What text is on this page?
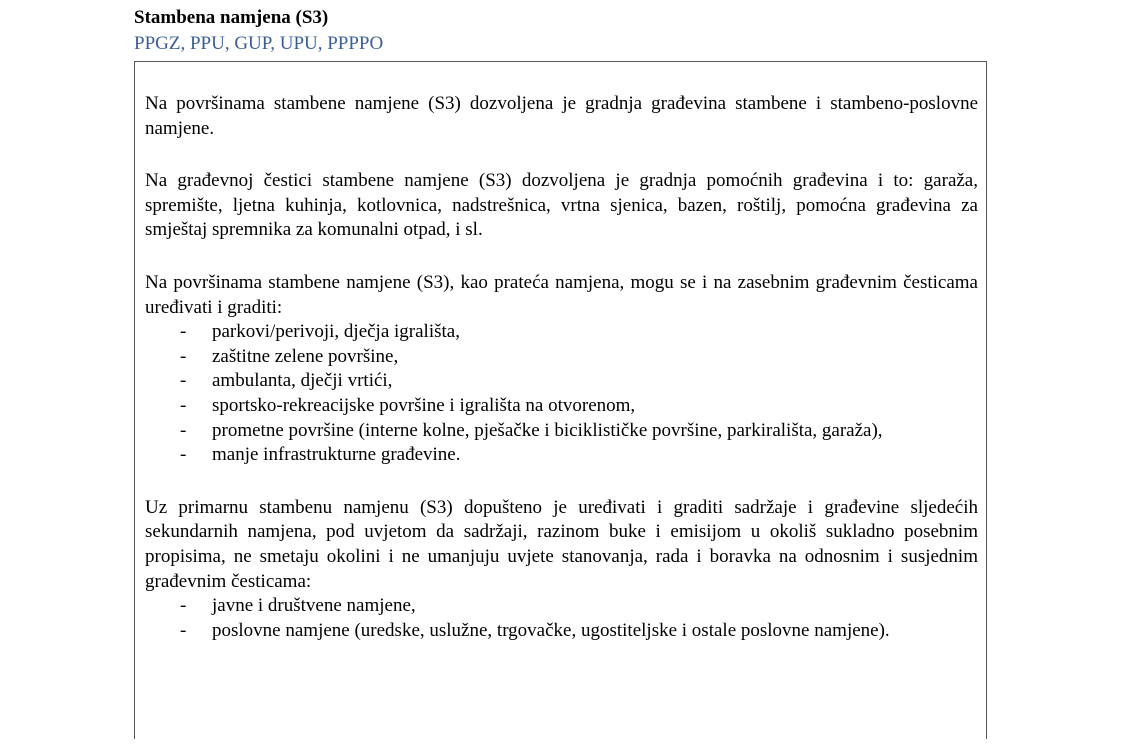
Stambena namjena (S3)
PPGZ, PPU, GUP, UPU, PPPPO

Na površinama stambene namjene (S3) dozvoljena je gradnja građevina stambene i stambeno-poslovne namjene.

Na građevnoj čestici stambene namjene (S3) dozvoljena je gradnja pomoćnih građevina i to: garaža, spremište, ljetna kuhinja, kotlovnica, nadstrešnica, vrtna sjenica, bazen, roštilj, pomoćna građevina za smještaj spremnika za komunalni otpad, i sl.

Na površinama stambene namjene (S3), kao prateća namjena, mogu se i na zasebnim građevnim česticama uređivati i graditi:

- parkovi/perivoji, dječja igrališta,
- zaštitne zelene površine,
- ambulanta, dječji vrtići,
- sportsko-rekreacijske površine i igrališta na otvorenom,
- prometne površine (interne kolne, pješačke i biciklističke površine, parkirališta, garaža),
- manje infrastrukturne građevine.

Uz primarnu stambenu namjenu (S3) dopušteno je uređivati i graditi sadržaje i građevine sljedećih sekundarnih namjena, pod uvjetom da sadržaji, razinom buke i emisijom u okoliš sukladno posebnim propisima, ne smetaju okolini i ne umanjuju uvjete stanovanja, rada i boravka na odnosnim i susjednim građevnim česticama:

- javne i društvene namjene,
- poslovne namjene (uredske, uslužne, trgovačke, ugostiteljske i ostale poslovne namjene).
